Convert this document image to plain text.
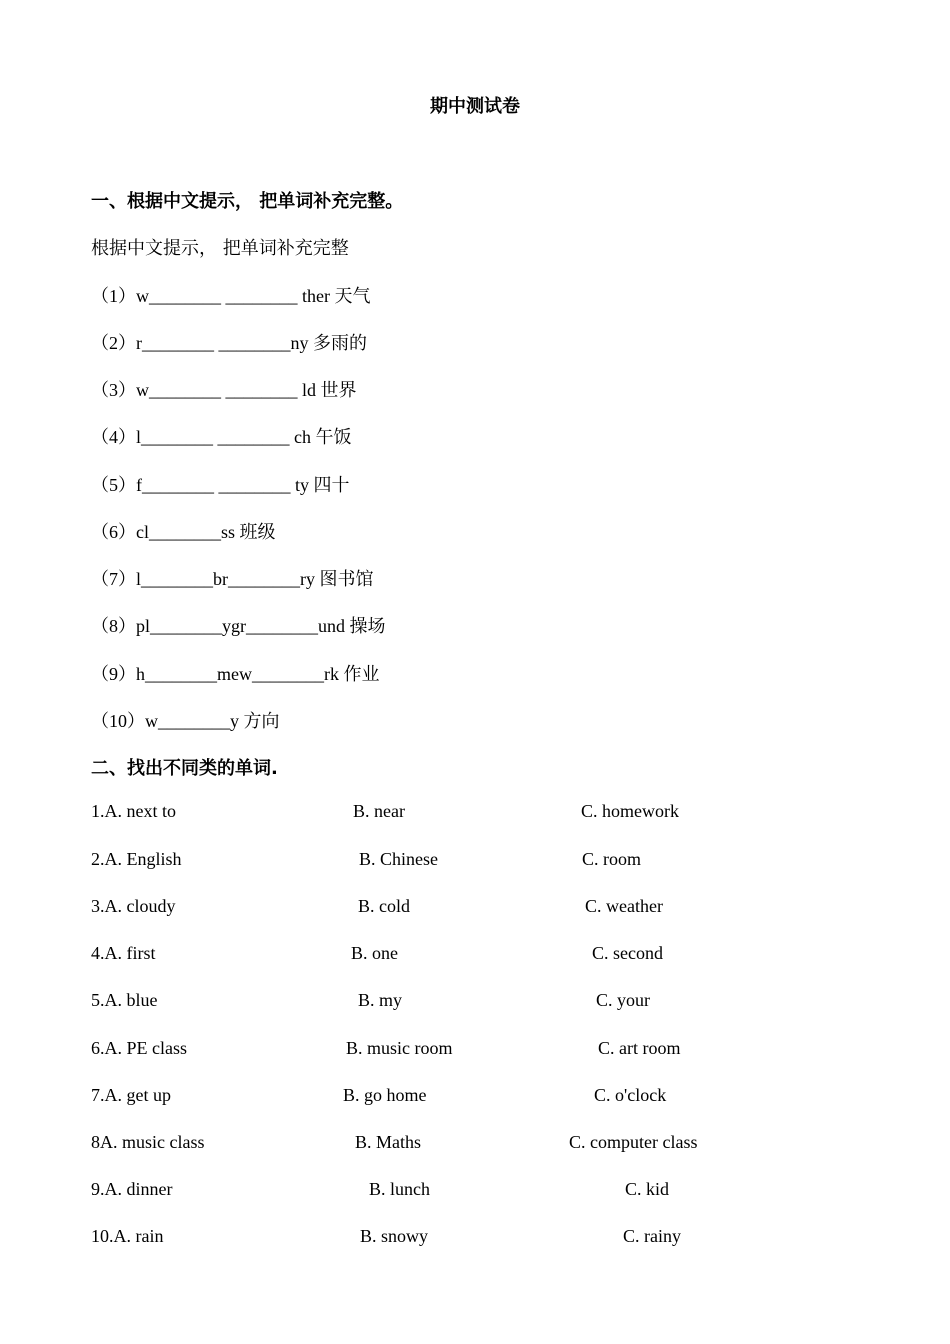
期中测试卷
一、根据中文提示， 把单词补充完整。

根据中文提示， 把单词补充完整

（1）w________ ________ ther 天气

（2）r________ ________ny 多雨的

（3）w________ ________ ld 世界

（4）l________ ________ ch 午饭

（5）f________ ________ ty 四十

（6）cl________ss 班级

（7）l________br________ry 图书馆

（8）pl________ygr________und 操场

（9）h________mew________rk 作业

（10）w________y 方向

二、找出不同类的单词.
1.A. next to	B. near	C. homework
2.A. English	B. Chinese	C. room
3.A. cloudy	B. cold	C. weather
4.A. first	B. one	C. second
5.A. blue	B. my	C. your
6.A. PE class	B. music room	C. art room
7.A. get up	B. go home	C. o'clock
8A. music class	B. Maths	C. computer class
9.A. dinner	B. lunch	C. kid
10.A. rain	B. snowy	C. rainy
